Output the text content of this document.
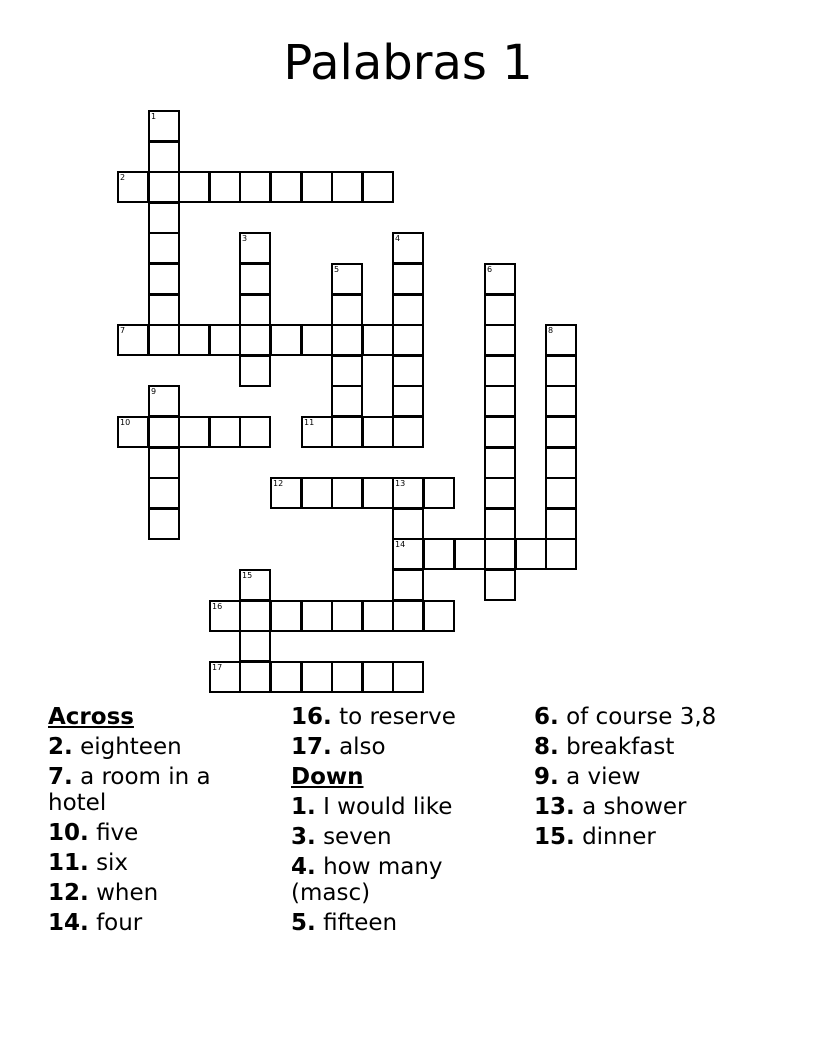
Palabras 1
1
2
3	4
5	6
7	8
9
10	11
12	13
14
15
16
17
Across
2. eighteen
7. a room in a hotel
10. five
11. six
12. when
14. four
16. to reserve
17. also
Down
1. I would like
3. seven
4. how many (masc)
5. fifteen
6. of course 3,8
8. breakfast
9. a view
13. a shower
15. dinner
